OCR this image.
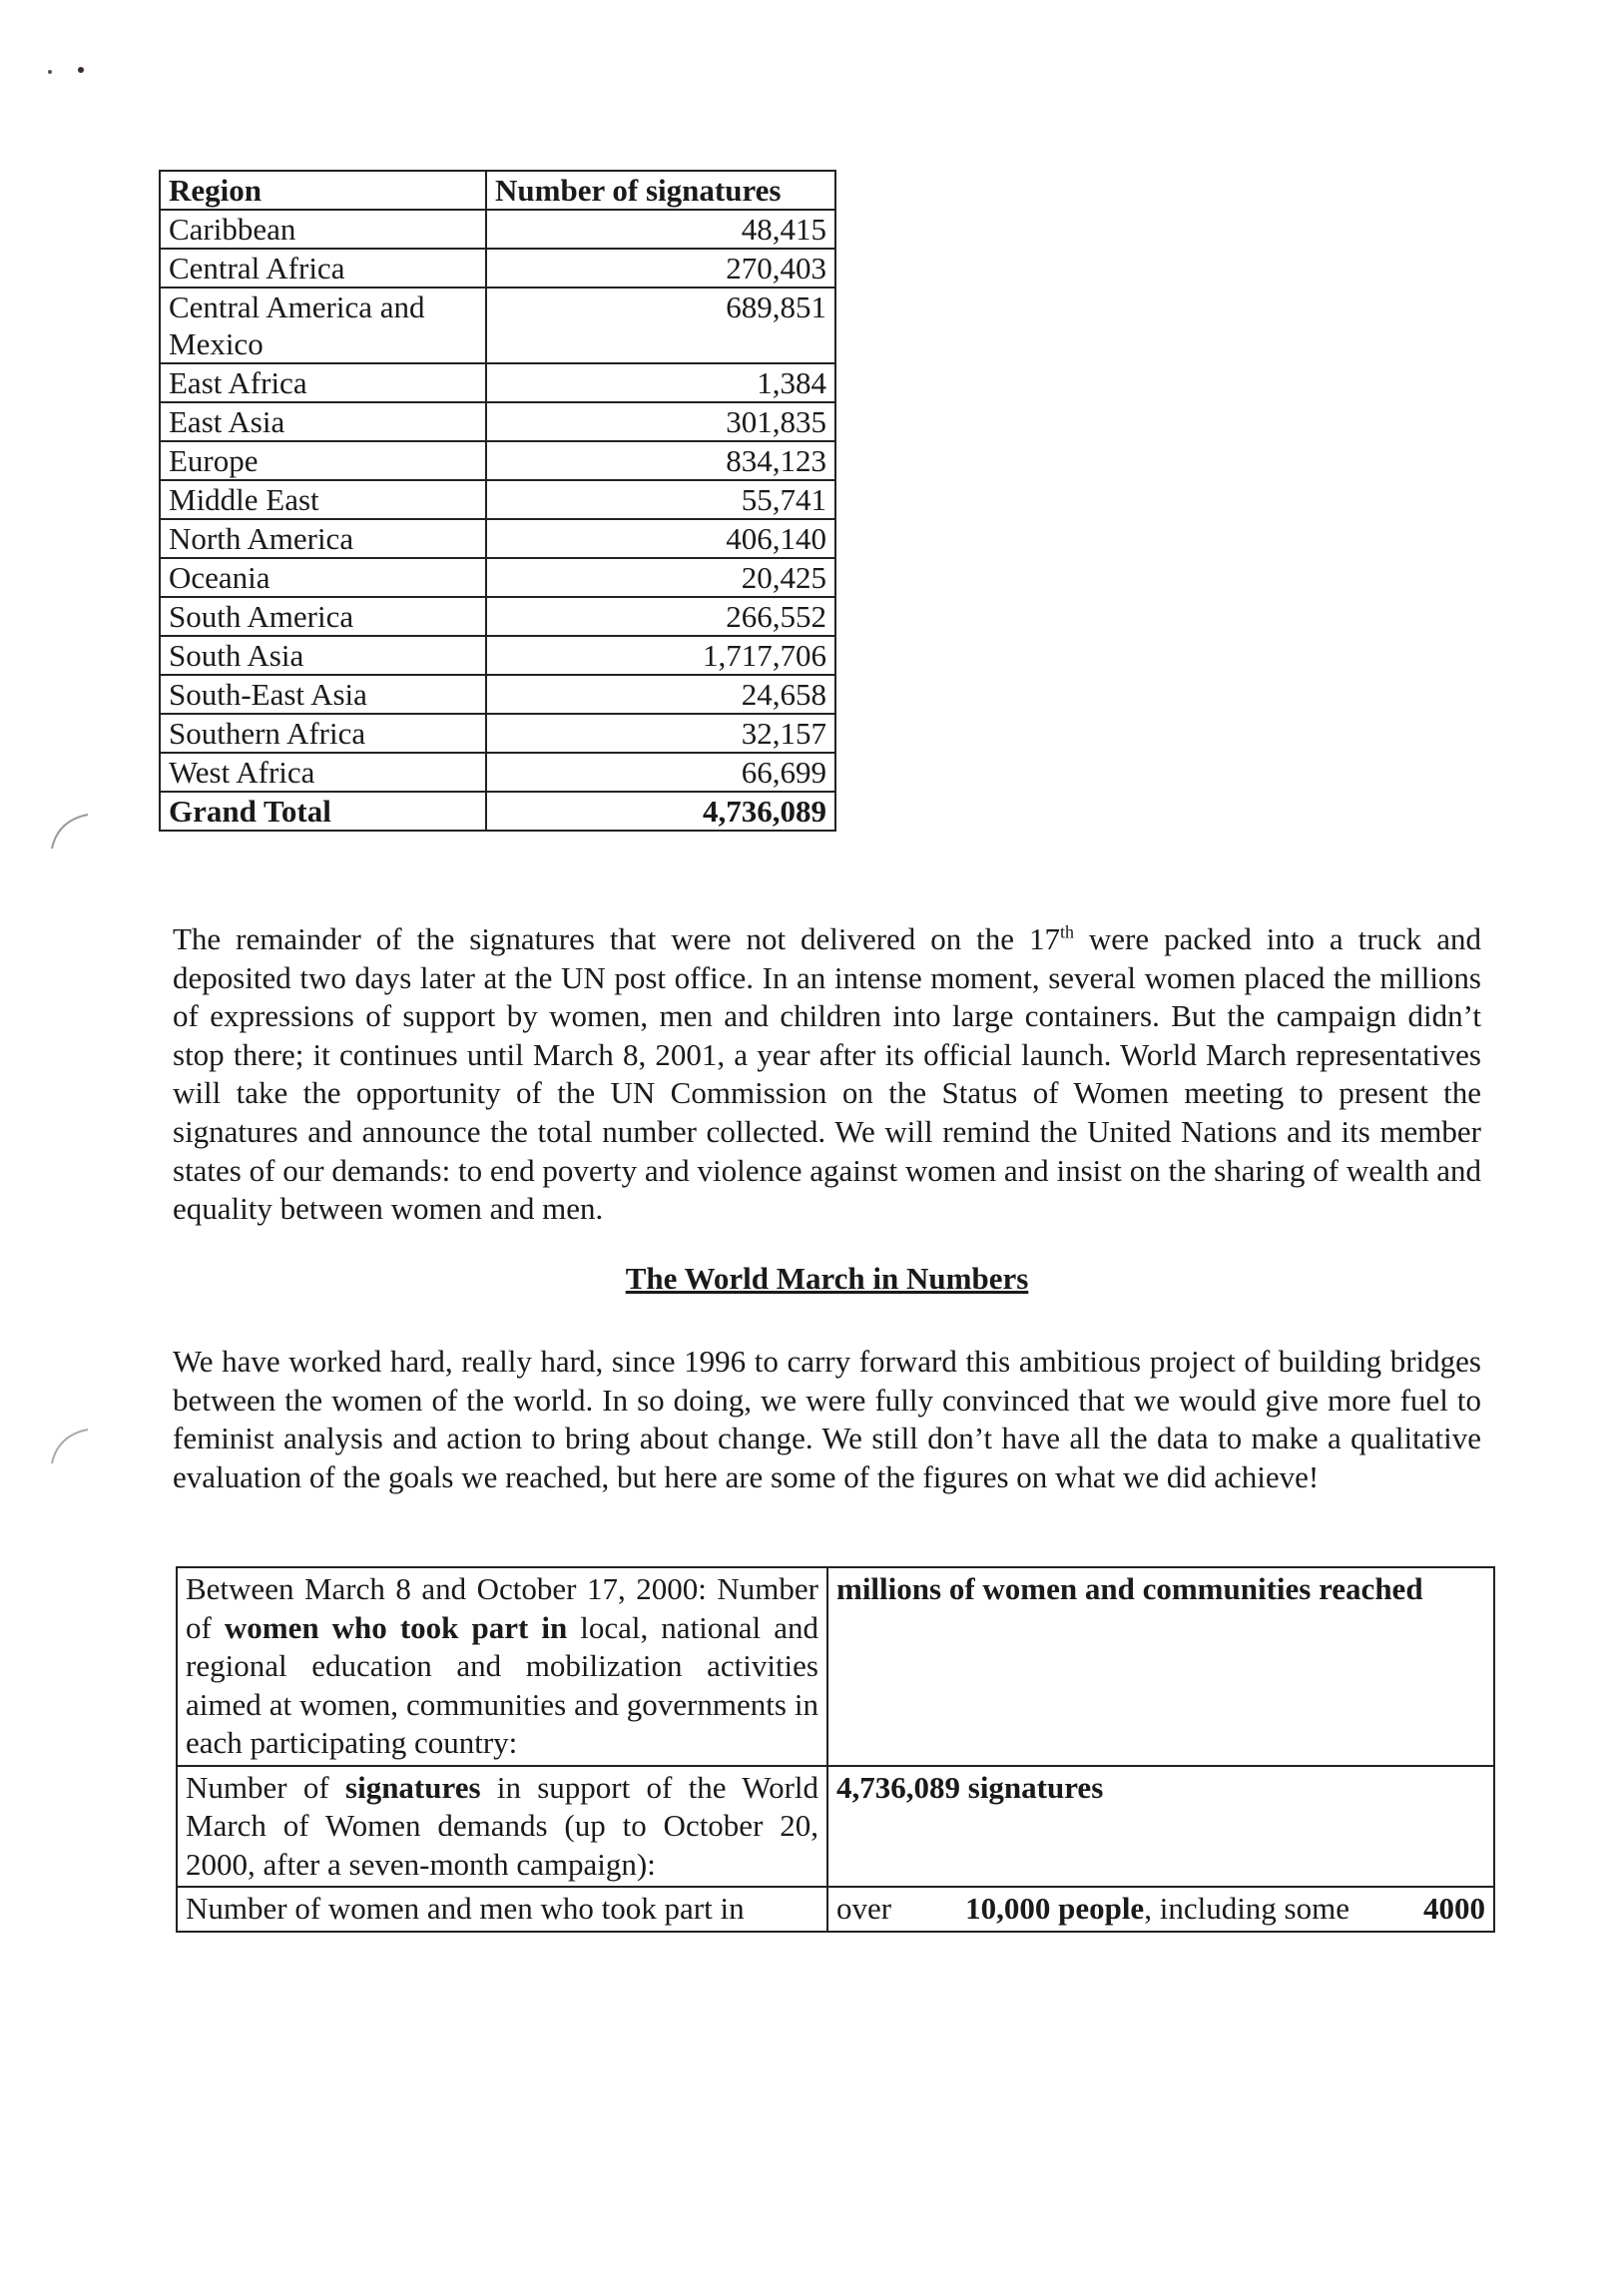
Region	Number of signatures
Caribbean	48,415
Central Africa	270,403
Central America and Mexico	689,851
East Africa	1,384
East Asia	301,835
Europe	834,123
Middle East	55,741
North America	406,140
Oceania	20,425
South America	266,552
South Asia	1,717,706
South-East Asia	24,658
Southern Africa	32,157
West Africa	66,699
Grand Total	4,736,089

The remainder of the signatures that were not delivered on the 17th were packed into a truck and deposited two days later at the UN post office. In an intense moment, several women placed the millions of expressions of support by women, men and children into large containers. But the campaign didn’t stop there; it continues until March 8, 2001, a year after its official launch. World March representatives will take the opportunity of the UN Commission on the Status of Women meeting to present the signatures and announce the total number collected. We will remind the United Nations and its member states of our demands: to end poverty and violence against women and insist on the sharing of wealth and equality between women and men.

The World March in Numbers

We have worked hard, really hard, since 1996 to carry forward this ambitious project of building bridges between the women of the world. In so doing, we were fully convinced that we would give more fuel to feminist analysis and action to bring about change. We still don’t have all the data to make a qualitative evaluation of the goals we reached, but here are some of the figures on what we did achieve!

Between March 8 and October 17, 2000: Number of women who took part in local, national and regional education and mobilization activities aimed at women, communities and governments in each participating country:	millions of women and communities reached
Number of signatures in support of the World March of Women demands (up to October 20, 2000, after a seven-month campaign):	4,736,089 signatures

Number of women and men who took part in	over 10,000 people, including some 4000
